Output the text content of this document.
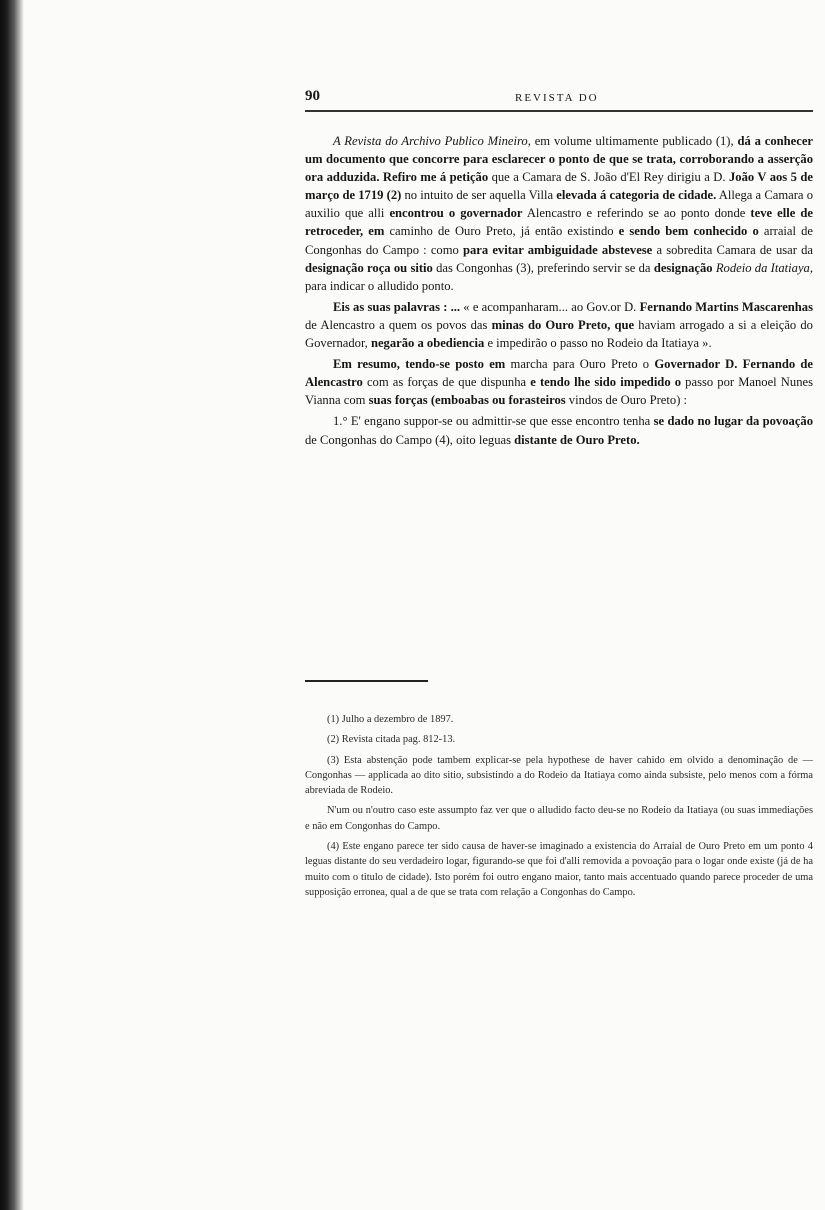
90	REVISTA DO

A Revista do Archivo Publico Mineiro, em volume ultimamente publicado (1), dá a conhecer um documento que concorre para esclarecer o ponto de que se trata, corroborando a asserção ora adduzida. Refiro me á petição que a Camara de S. João d'El Rey dirigiu a D. João V aos 5 de março de 1719 (2) no intuito de ser aquella Villa elevada á categoria de cidade. Allega a Camara o auxilio que alli encontrou o governador Alencastro e referindo se ao ponto donde teve elle de retroceder, em caminho de Ouro Preto, já então existindo e sendo bem conhecido o arraial de Congonhas do Campo : como para evitar ambiguidade abstevese a sobredita Camara de usar da designação roça ou sitio das Congonhas (3), preferindo servir se da designação Rodeio da Itatiaya, para indicar o alludido ponto.

Eis as suas palavras : ... « e acompanharam... ao Gov.or D. Fernando Martins Mascarenhas de Alencastro a quem os povos das minas do Ouro Preto, que haviam arrogado a si a eleição do Governador, negarão a obediencia e impedirão o passo no Rodeio da Itatiaya ».

Em resumo, tendo-se posto em marcha para Ouro Preto o Governador D. Fernando de Alencastro com as forças de que dispunha e tendo lhe sido impedido o passo por Manoel Nunes Vianna com suas forças (emboabas ou forasteiros vindos de Ouro Preto) :

1.° E' engano suppor-se ou admittir-se que esse encontro tenha se dado no lugar da povoação de Congonhas do Campo (4), oito leguas distante de Ouro Preto.

(1) Julho a dezembro de 1897.

(2) Revista citada pag. 812-13.

(3) Esta abstenção pode tambem explicar-se pela hypothese de haver cahido em olvido a denominação de — Congonhas — applicada ao dito sitio, subsistindo a do Rodeio da Itatiaya como ainda subsiste, pelo menos com a fórma abreviada de Rodeio.

N'um ou n'outro caso este assumpto faz ver que o alludido facto deu-se no Rodeio da Itatiaya (ou suas immediações e não em Congonhas do Campo.

(4) Este engano parece ter sido causa de haver-se imaginado a existencia do Arraial de Ouro Preto em um ponto 4 leguas distante do seu verdadeiro logar, figurando-se que foi d'alli removida a povoação para o logar onde existe (já de ha muito com o titulo de cidade). Isto porém foi outro engano maior, tanto mais accentuado quando parece proceder de uma supposição erronea, qual a de que se trata com relação a Congonhas do Campo.
